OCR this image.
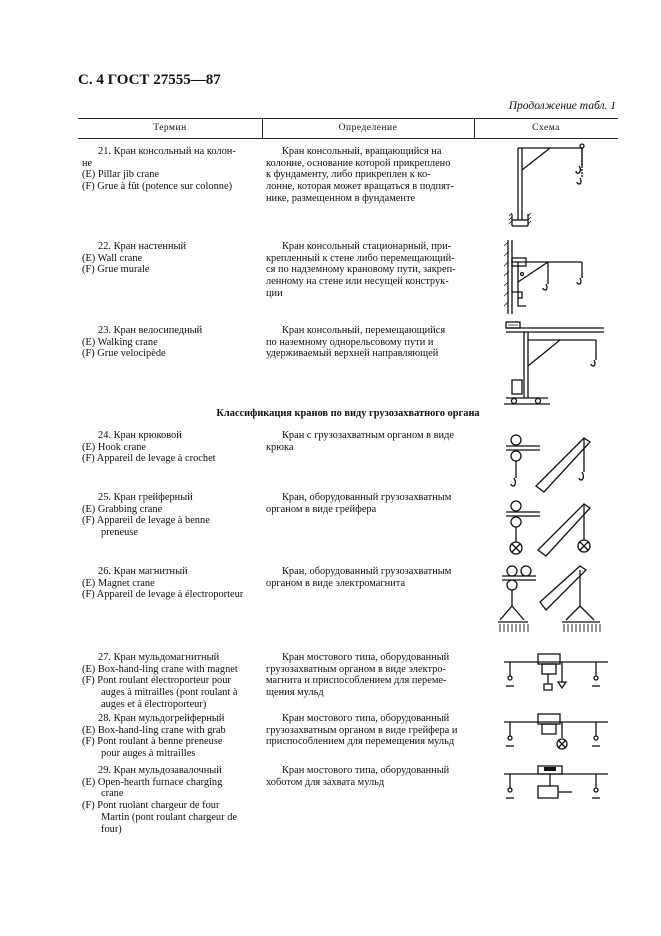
С. 4 ГОСТ 27555—87
Продолжение табл. 1
Термин	Определение	Схема
21. Кран консольный на колон-
не
(E) Pillar jib crane
(F) Grue à fût (potence sur colonne)
Кран консольный, вращающийся на
колонне, основание которой прикреплено
к фундаменту, либо прикреплен к ко-
лонне, которая может вращаться в подпят-
нике, размещенном в фундаменте
22. Кран настенный
(E) Wall crane
(F) Grue murale
Кран консольный стационарный, при-
крепленный к стене либо перемещающий-
ся по надземному крановому пути, закреп-
ленному на стене или несущей конструк-
ции
23. Кран велосипедный
(E) Walking crane
(F) Grue velocipède
Кран консольный, перемещающийся
по наземному однорельсовому пути и
удерживаемый верхней направляющей
Классификация кранов по виду грузозахватного органа
24. Кран крюковой
(E) Hook crane
(F) Appareil de levage à crochet
Кран с грузозахватным органом в виде
крюка
25. Кран грейферный
(E) Grabbing crane
(F) Appareil de levage à benne
preneuse
Кран, оборудованный грузозахватным
органом в виде грейфера
26. Кран магнитный
(E) Magnet crane
(F) Appareil de levage à électroporteur
Кран, оборудованный грузозахватным
органом в виде электромагнита
27. Кран мульдомагнитный
(E) Box-hand-ling crane with magnet
(F) Pont roulant électroporteur pour
auges à mitrailles (pont roulant à
auges et à électroporteur)
Кран мостового типа, оборудованный
грузозахватным органом в виде электро-
магнита и приспособлением для переме-
щения мульд
28. Кран мульдогрейферный
(E) Box-hand-ling crane with grab
(F) Pont roulant à benne preneuse
pour auges à mitrailles
Кран мостового типа, оборудованный
грузозахватным органом в виде грейфера и
приспособлением для перемещения мульд
29. Кран мульдозавалочный
(E) Open-hearth furnace charging
crane
(F) Pont ruolant chargeur de four
Martin (pont roulant chargeur de
four)
Кран мостового типа, оборудованный
хоботом для захвата мульд
